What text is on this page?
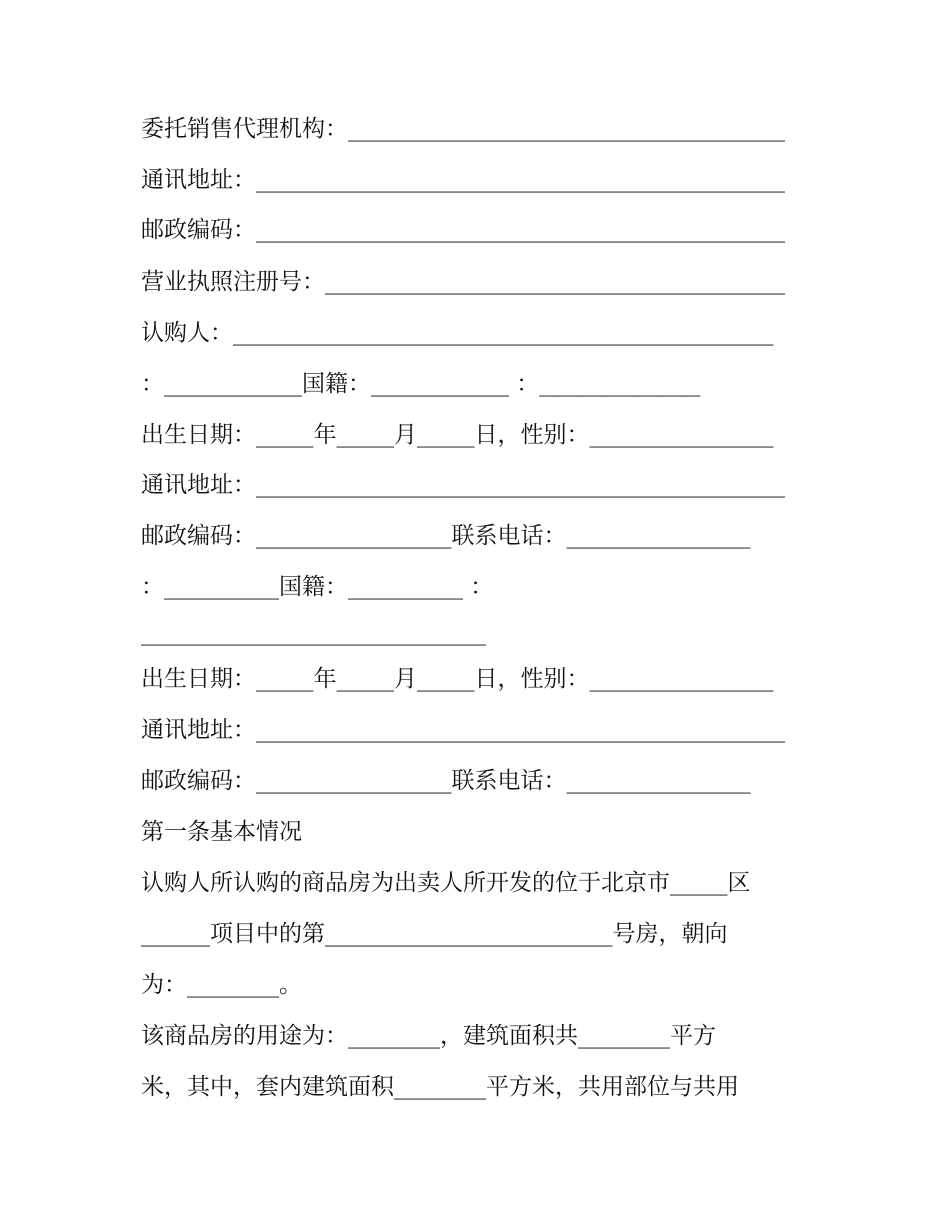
委托销售代理机构：______________________________________
通讯地址：______________________________________________
邮政编码：______________________________________________
营业执照注册号：________________________________________
认购人：_______________________________________________
：____________国籍：____________ ：______________
出生日期：_____年_____月_____日，性别：________________
通讯地址：______________________________________________
邮政编码：_________________联系电话：________________
：__________国籍：__________ ：
______________________________
出生日期：_____年_____月_____日，性别：________________
通讯地址：______________________________________________
邮政编码：_________________联系电话：________________
第一条基本情况
认购人所认购的商品房为出卖人所开发的位于北京市_____区
______项目中的第_________________________号房，朝向
为：________。
该商品房的用途为：________，建筑面积共________平方
米，其中，套内建筑面积________平方米，共用部位与共用
